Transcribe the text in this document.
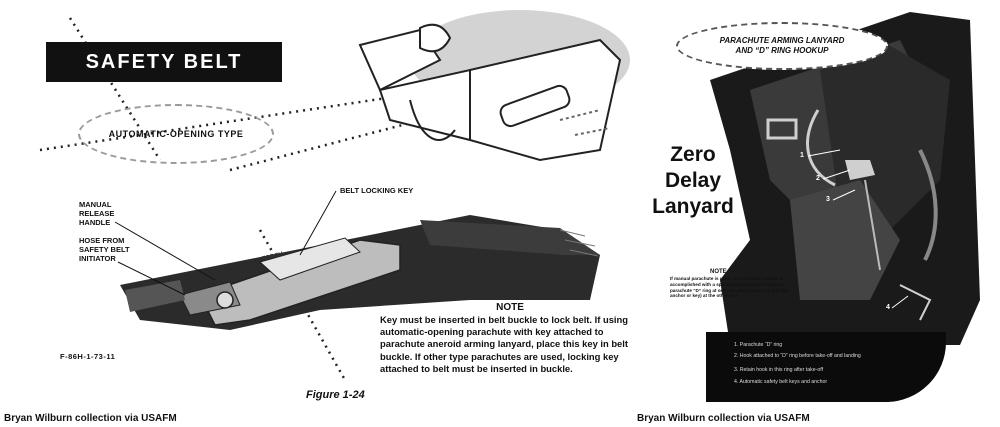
SAFETY BELT
AUTOMATIC-OPENING TYPE
BELT LOCKING KEY
MANUAL
RELEASE
HANDLE
HOSE FROM
SAFETY BELT
INITIATOR	TORCH
F-86H-1-73-11
NOTE
Key must be inserted in belt buckle to lock belt. If using automatic-opening parachute with key attached to parachute aneroid arming lanyard, place this key in belt buckle. If other type parachutes are used, locking key attached to belt must be inserted in buckle.
Figure 1-24
Bryan Wilburn collection via USAFM
1
2
3
4
PARACHUTE ARMING LANYARD
AND “D” RING HOOKUP
Zero
Delay
Lanyard
NOTE
If manual parachute is used, zero-second hookup is accomplished with a special lanyard which hooks to parachute “D” ring at one end and attaches to belt (by anchor or key) at the other end.
1. Parachute “D” ring
2. Hook attached to “D” ring before take-off and landing
3. Retain hook in this ring after take-off
4. Automatic safety belt keys and anchor
Bryan Wilburn collection via USAFM
